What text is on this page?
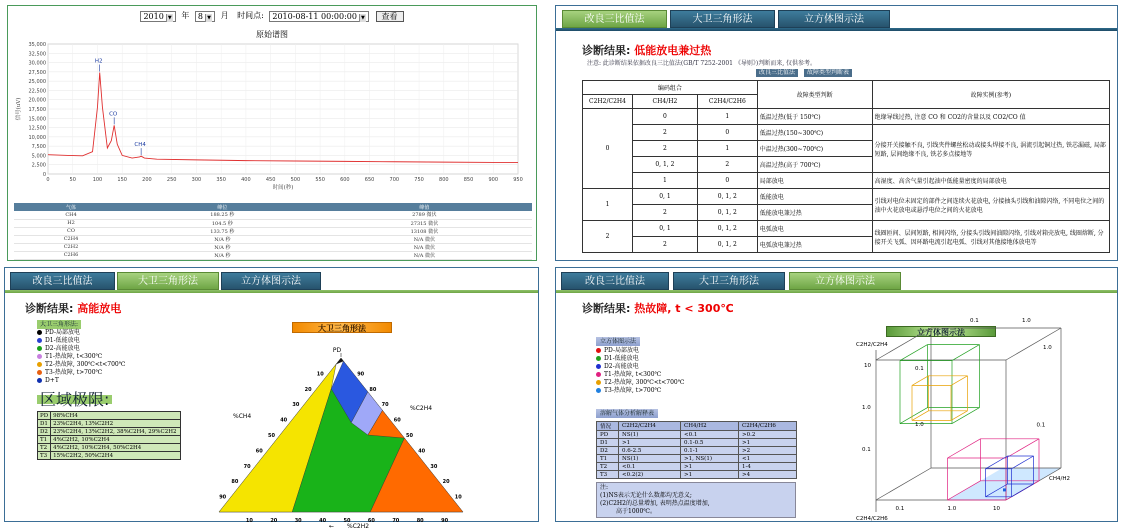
2010 ▼ 年 8 ▼ 月 时间点: 2010-08-11 00:00:00 ▼ 查看
原始谱图
0
2,500
5,000
7,500
10,000
12,500
15,000
17,500
20,000
22,500
25,000
27,500
30,000
32,500
35,000
0	50	100	150	200	250	300	350	400	450	500	550	600	650	700	750	800	850	900	950
时间(秒)
信号(uV)
H2
CO
CH4
气体	峰位	峰值
CH4	188.25 秒	2789 微伏
H2	104.5 秒	27315 微伏
CO	133.75 秒	13108 微伏
C2H4	N/A 秒	N/A 微伏
C2H2	N/A 秒	N/A 微伏
C2H6	N/A 秒	N/A 微伏
改良三比值法	大卫三角形法	立方体图示法
诊断结果: 低能放电兼过热
注意: 此诊断结果依据改良三比值法(GB/T 7252-2001 《导则》)判断而来, 仅供参考。
改良三比值法 故障类型判断表
编码组合			故障类型判断	故障实例(参考)
C2H2/C2H4	CH4/H2	C2H4/C2H6		
0	0	1	低温过热(低于 150℃)	绝缘导线过热, 注意 CO 和 CO2的含量以及 CO2/CO 值
	2	0	低温过热(150~300℃)	分接开关接触不良, 引线夹件螺丝松动或接头焊接不良, 涡流引起铜过热, 铁芯漏磁, 局部短路, 层间绝缘不良, 铁芯多点接地等
	2	1	中温过热(300~700℃)	
	0, 1, 2	2	高温过热(高于 700℃)	
	1	0	局部放电	高湿度、高含气量引起油中低能量密度的局部放电
1	0, 1	0, 1, 2	低能放电	引线对电位未固定的部件之间连续火花放电, 分接抽头引线和油隙闪络, 不同电位之间的油中火花放电或悬浮电位之间的火花放电
	2	0, 1, 2	低能放电兼过热	
2	0, 1	0, 1, 2	电弧放电	线圈匝间、层间短路, 相间闪络, 分接头引线间油隙闪络, 引线对箱壳放电, 线圈熔断, 分接开关飞弧、因环路电流引起电弧、引线对其他接地体放电等
	2	0, 1, 2	电弧放电兼过热	
改良三比值法	大卫三角形法	立方体图示法
诊断结果: 高能放电
大卫三角形法:
PD-局部放电
D1-低能放电
D2-高能放电
T1-热故障, t<300℃
T2-热故障, 300℃<t<700℃
T3-热故障, t>700℃
D+T
区域极限:
PD	98%CH4
D1	23%C2H4, 13%C2H2
D2	23%C2H4, 13%C2H2, 38%C2H4, 29%C2H2
T1	4%C2H2, 10%C2H4
T2	4%C2H2, 10%C2H4, 50%C2H4
T3	15%C2H2, 50%C2H4
大卫三角形法
PD
%CH4
%C2H4
%C2H2
←
10
10
10
20
20
20
30
30
30
40
40
40
50	50
50
60
60
60
70
70
70
80
80
80
90
90
90
改良三比值法	大卫三角形法	立方体图示法
诊断结果: 热故障, t < 300℃
立方体图示法
PD-局部放电
D1-低能放电
D2-高能放电
T1-热故障, t<300℃
T2-热故障, 300℃<t<700℃
T3-热故障, t>700℃
溶解气体分析解释表
情况	C2H2/C2H4	CH4/H2	C2H4/C2H6
PD	NS(1)	<0.1	>0.2
D1	>1	0.1-0.5	>1
D2	0.6-2.5	0.1-1	>2
T1	NS(1)	>1, NS(1)	<1
T2	<0.1	>1	1-4
T3	<0.2(2)	>1	>4
注:
(1)NS表示无论什么数都均无意义;
(2)C2H2的总量增加, 表明热点温度增加,
高于1000℃。
立方体图示法
C2H2/C2H4
CH4/H2
C2H4/C2H6
0.1	1.0
0.1
1.0
0.1
1.0
10
1.0
0.1
0.1	1.0	10
